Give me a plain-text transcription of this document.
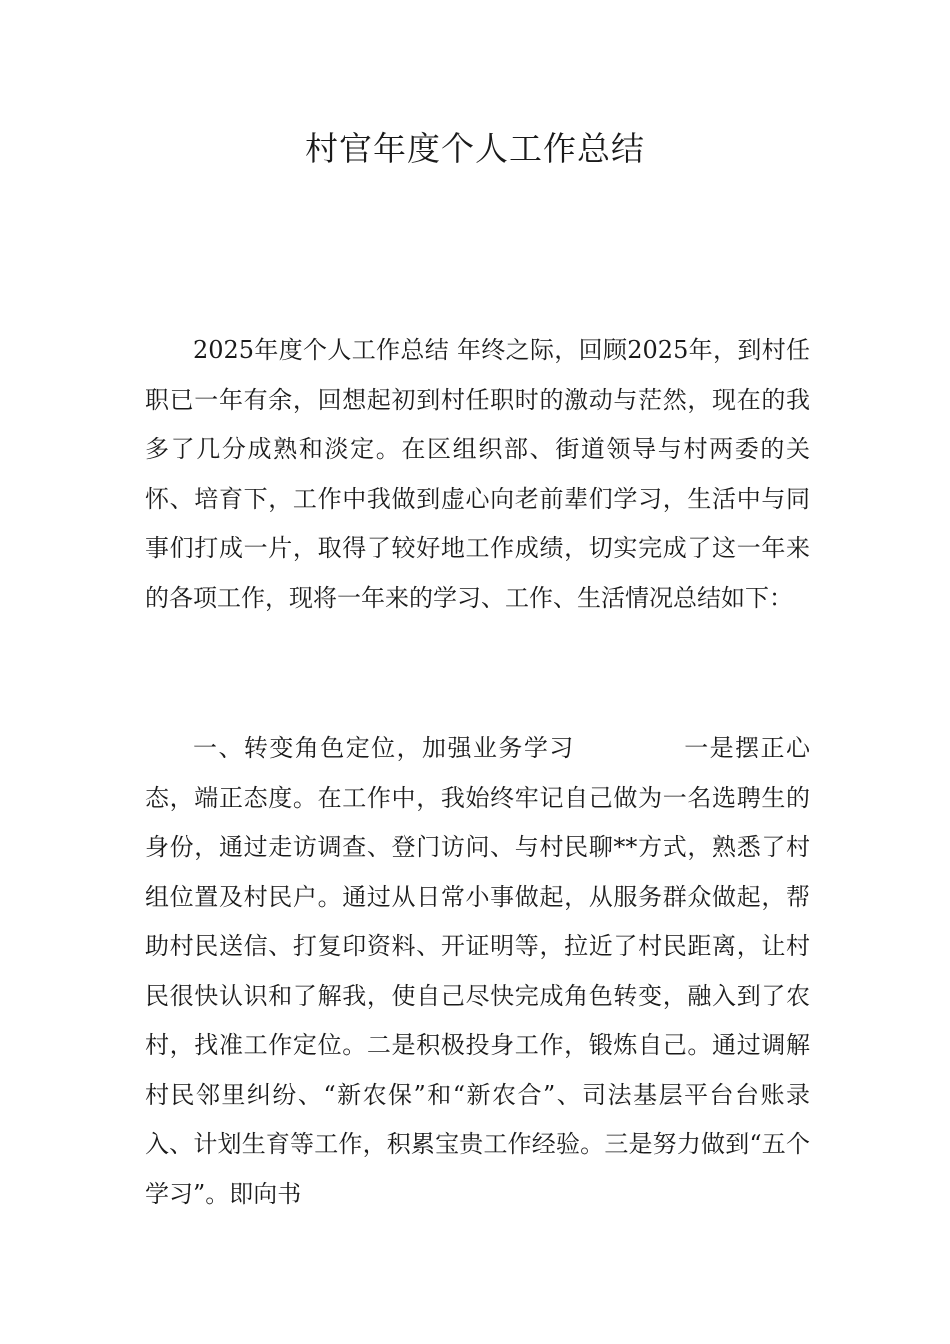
村官年度个人工作总结

2025年度个人工作总结 年终之际，回顾2025年，到村任职已一年有余，回想起初到村任职时的激动与茫然，现在的我多了几分成熟和淡定。在区组织部、街道领导与村两委的关怀、培育下，工作中我做到虚心向老前辈们学习，生活中与同事们打成一片，取得了较好地工作成绩，切实完成了这一年来的各项工作，现将一年来的学习、工作、生活情况总结如下：

一、转变角色定位，加强业务学习	一是摆正心态，端正态度。在工作中，我始终牢记自己做为一名选聘生的身份，通过走访调查、登门访问、与村民聊**方式，熟悉了村组位置及村民户。通过从日常小事做起，从服务群众做起，帮助村民送信、打复印资料、开证明等，拉近了村民距离，让村民很快认识和了解我，使自己尽快完成角色转变，融入到了农村，找准工作定位。二是积极投身工作，锻炼自己。通过调解村民邻里纠纷、“新农保”和“新农合”、司法基层平台台账录入、计划生育等工作，积累宝贵工作经验。三是努力做到“五个学习”。即向书
